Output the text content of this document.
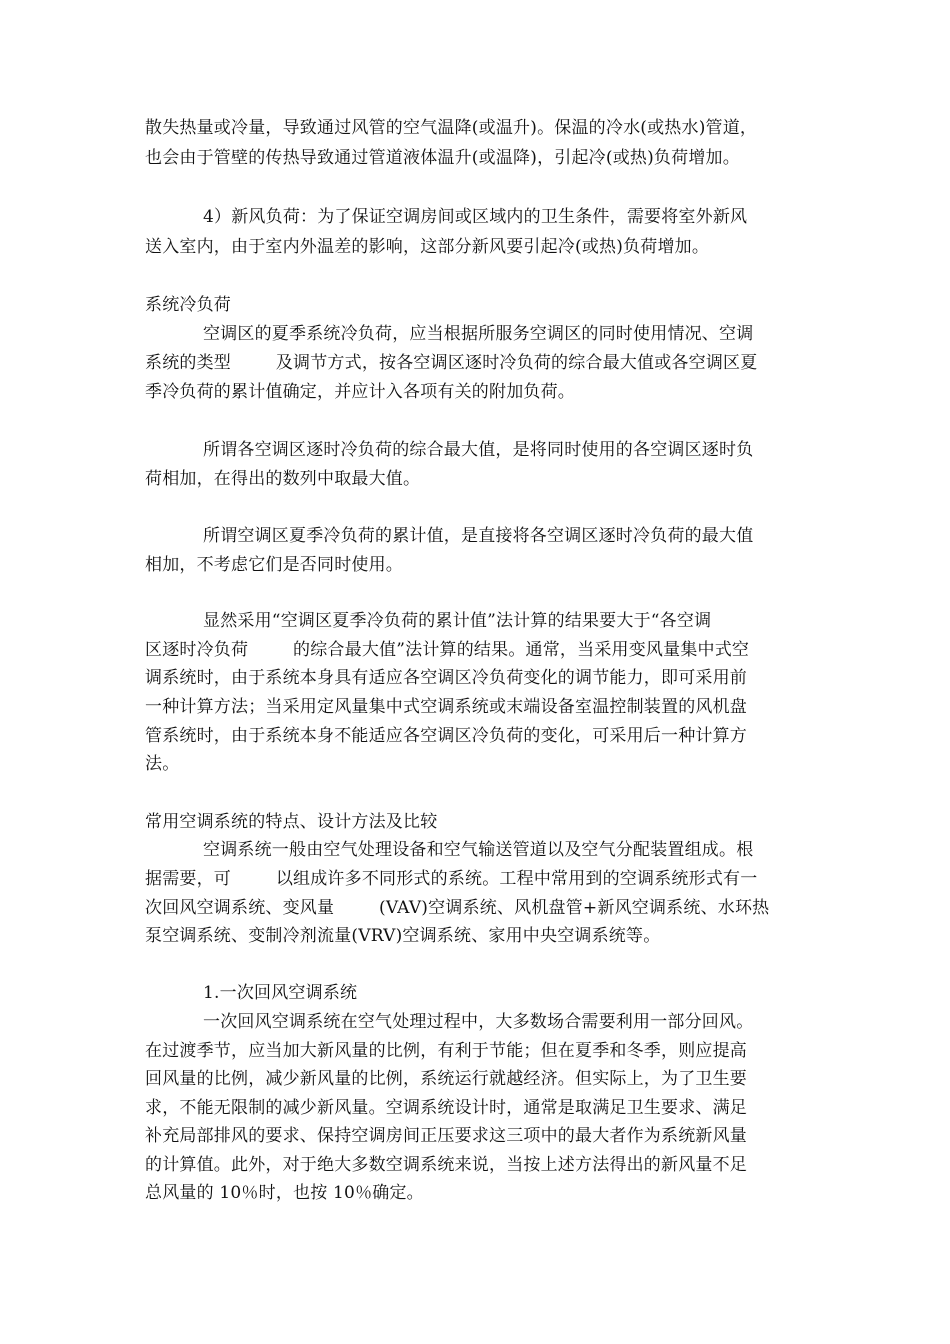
散失热量或冷量，导致通过风管的空气温降(或温升)。保温的冷水(或热水)管道，
也会由于管壁的传热导致通过管道液体温升(或温降)，引起冷(或热)负荷增加。
4）新风负荷：为了保证空调房间或区域内的卫生条件，需要将室外新风
送入室内，由于室内外温差的影响，这部分新风要引起冷(或热)负荷增加。
系统冷负荷
空调区的夏季系统冷负荷，应当根据所服务空调区的同时使用情况、空调
系统的类型        及调节方式，按各空调区逐时冷负荷的综合最大值或各空调区夏
季冷负荷的累计值确定，并应计入各项有关的附加负荷。
所谓各空调区逐时冷负荷的综合最大值，是将同时使用的各空调区逐时负
荷相加，在得出的数列中取最大值。
所谓空调区夏季冷负荷的累计值，是直接将各空调区逐时冷负荷的最大值
相加，不考虑它们是否同时使用。
显然采用“空调区夏季冷负荷的累计值”法计算的结果要大于“各空调
区逐时冷负荷        的综合最大值”法计算的结果。通常，当采用变风量集中式空
调系统时，由于系统本身具有适应各空调区冷负荷变化的调节能力，即可采用前
一种计算方法；当采用定风量集中式空调系统或末端设备室温控制装置的风机盘
管系统时，由于系统本身不能适应各空调区冷负荷的变化，可采用后一种计算方
法。
常用空调系统的特点、设计方法及比较
空调系统一般由空气处理设备和空气输送管道以及空气分配装置组成。根
据需要，可        以组成许多不同形式的系统。工程中常用到的空调系统形式有一
次回风空调系统、变风量        (VAV)空调系统、风机盘管+新风空调系统、水环热
泵空调系统、变制冷剂流量(VRV)空调系统、家用中央空调系统等。
1.一次回风空调系统
一次回风空调系统在空气处理过程中，大多数场合需要利用一部分回风。
在过渡季节，应当加大新风量的比例，有利于节能；但在夏季和冬季，则应提高
回风量的比例，减少新风量的比例，系统运行就越经济。但实际上，为了卫生要
求，不能无限制的减少新风量。空调系统设计时，通常是取满足卫生要求、满足
补充局部排风的要求、保持空调房间正压要求这三项中的最大者作为系统新风量
的计算值。此外，对于绝大多数空调系统来说，当按上述方法得出的新风量不足
总风量的 10％时，也按 10％确定。
